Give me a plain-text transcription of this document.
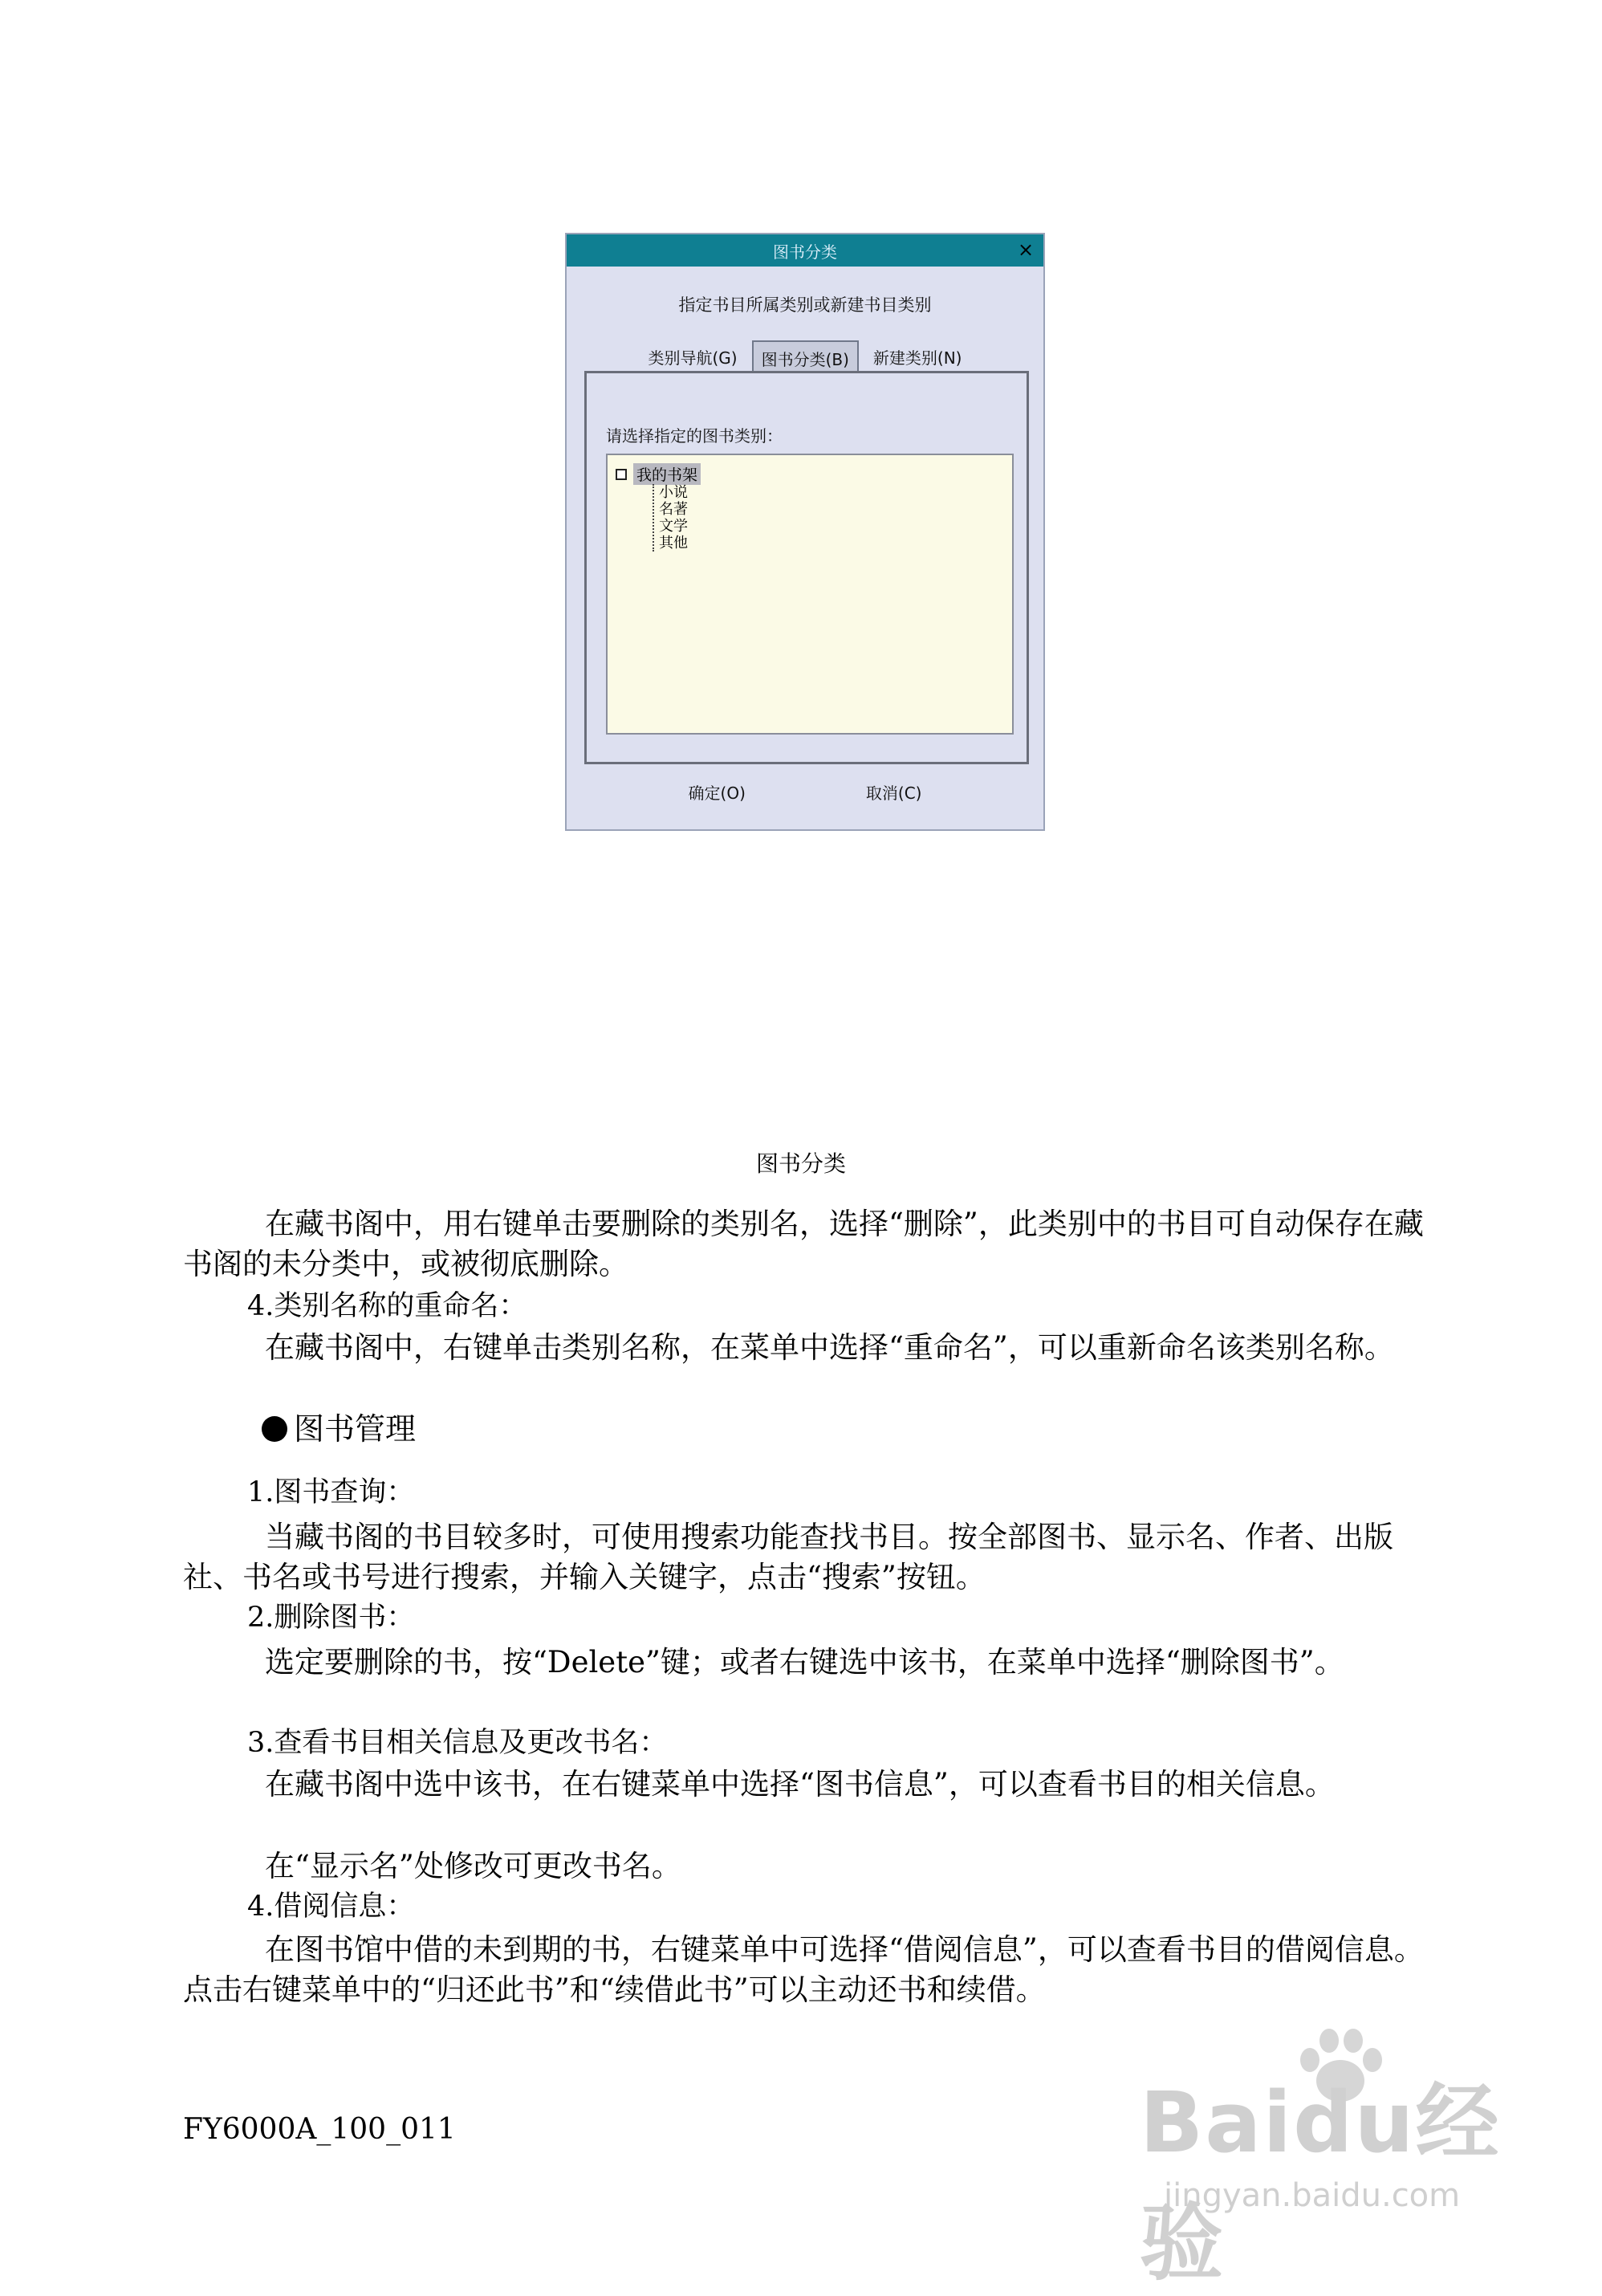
图书分类	×
指定书目所属类别或新建书目类别
类别导航(G)	图书分类(B)	新建类别(N)
请选择指定的图书类别：
我的书架
小说
名著
文学
其他
确定(O)	取消(C)
图书分类

在藏书阁中，用右键单击要删除的类别名，选择“删除”，此类别中的书目可自动保存在藏书阁的未分类中，或被彻底删除。

4.类别名称的重命名：

在藏书阁中，右键单击类别名称，在菜单中选择“重命名”，可以重新命名该类别名称。

图书管理

1.图书查询：

当藏书阁的书目较多时，可使用搜索功能查找书目。按全部图书、显示名、作者、出版社、书名或书号进行搜索，并输入关键字，点击“搜索”按钮。

2.删除图书：

选定要删除的书，按“Delete”键；或者右键选中该书，在菜单中选择“删除图书”。

3.查看书目相关信息及更改书名：

在藏书阁中选中该书，在右键菜单中选择“图书信息”，可以查看书目的相关信息。

在“显示名”处修改可更改书名。

4.借阅信息：

在图书馆中借的未到期的书，右键菜单中可选择“借阅信息”，可以查看书目的借阅信息。点击右键菜单中的“归还此书”和“续借此书”可以主动还书和续借。

FY6000A_100_011	Baidu经验
jingyan.baidu.com
